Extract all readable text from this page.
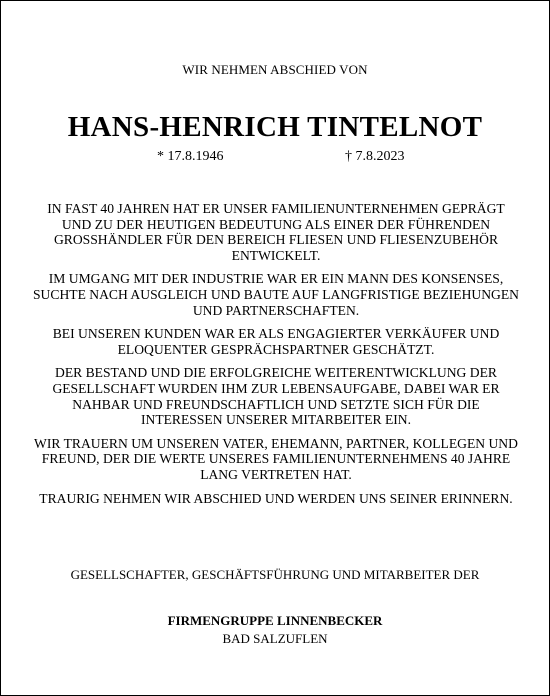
WIR NEHMEN ABSCHIED VON
HANS-HENRICH TINTELNOT
* 17.8.1946	† 7.8.2023

IN FAST 40 JAHREN HAT ER UNSER FAMILIENUNTERNEHMEN GEPRÄGT UND ZU DER HEUTIGEN BEDEUTUNG ALS EINER DER FÜHRENDEN GROSSHÄNDLER FÜR DEN BEREICH FLIESEN UND FLIESENZUBEHÖR ENTWICKELT.

IM UMGANG MIT DER INDUSTRIE WAR ER EIN MANN DES KONSENSES, SUCHTE NACH AUSGLEICH UND BAUTE AUF LANGFRISTIGE BEZIEHUNGEN UND PARTNERSCHAFTEN.

BEI UNSEREN KUNDEN WAR ER ALS ENGAGIERTER VERKÄUFER UND ELOQUENTER GESPRÄCHSPARTNER GESCHÄTZT.

DER BESTAND UND DIE ERFOLGREICHE WEITERENTWICKLUNG DER GESELLSCHAFT WURDEN IHM ZUR LEBENSAUFGABE, DABEI WAR ER NAHBAR UND FREUNDSCHAFTLICH UND SETZTE SICH FÜR DIE INTERESSEN UNSERER MITARBEITER EIN.

WIR TRAUERN UM UNSEREN VATER, EHEMANN, PARTNER, KOLLEGEN UND FREUND, DER DIE WERTE UNSERES FAMILIENUNTERNEHMENS 40 JAHRE LANG VERTRETEN HAT.

TRAURIG NEHMEN WIR ABSCHIED UND WERDEN UNS SEINER ERINNERN.

GESELLSCHAFTER, GESCHÄFTSFÜHRUNG UND MITARBEITER DER
FIRMENGRUPPE LINNENBECKER
BAD SALZUFLEN
